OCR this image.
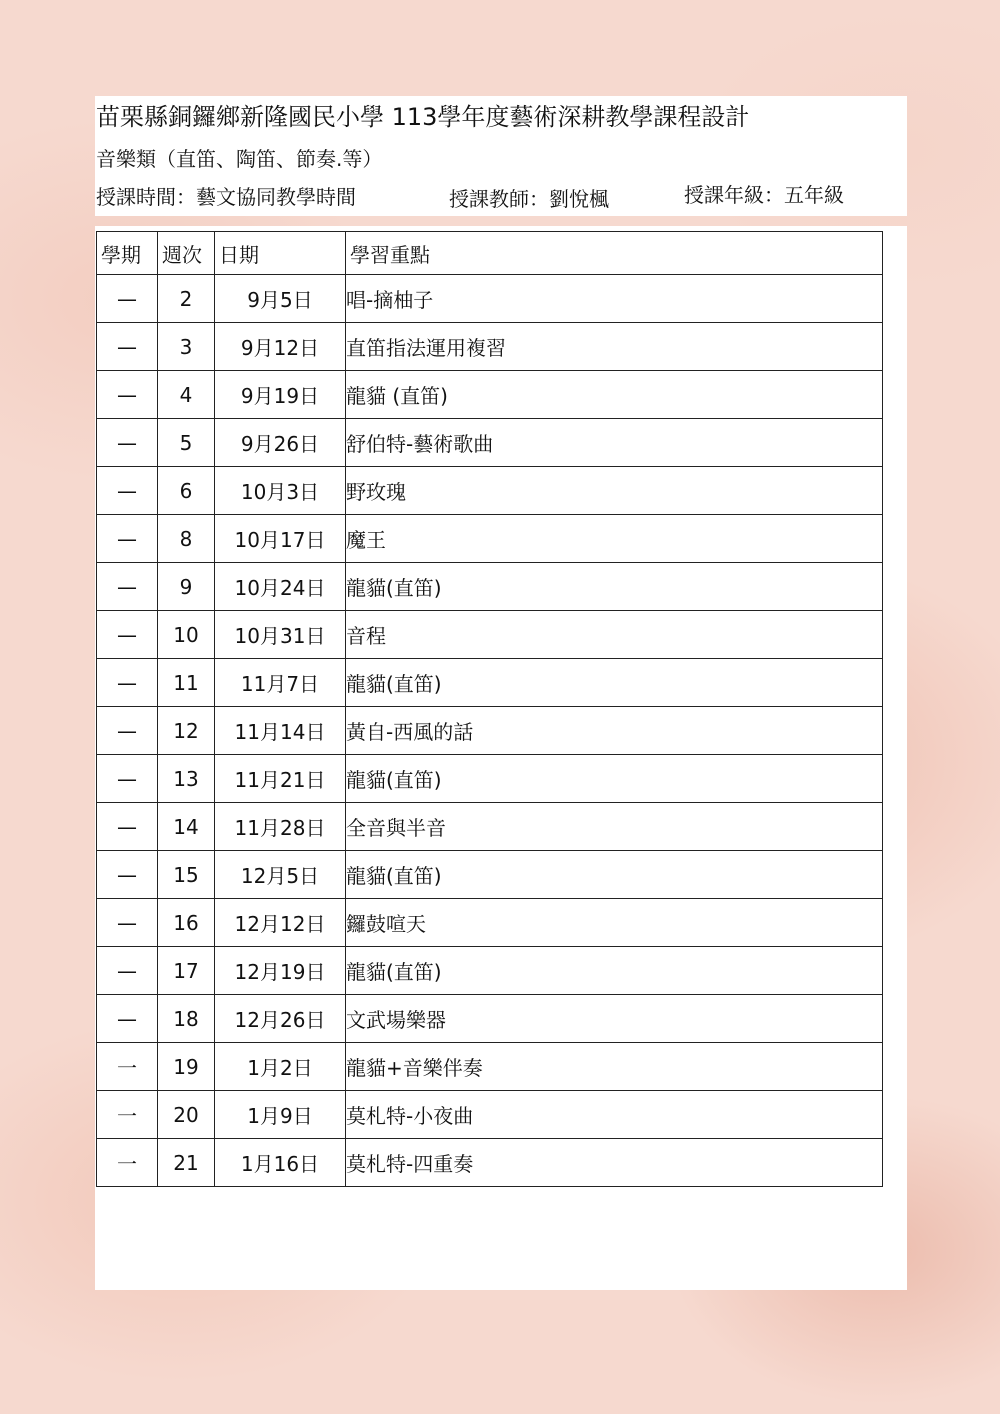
苗栗縣銅鑼鄉新隆國民小學 113學年度藝術深耕教學課程設計
音樂類（直笛、陶笛、節奏.等）
授課時間：藝文協同教學時間	授課教師：劉悅楓	授課年級：五年級
學期	週次	日期	學習重點
—	2	9月5日	唱-摘柚子
—	3	9月12日	直笛指法運用複習
—	4	9月19日	龍貓 (直笛)
—	5	9月26日	舒伯特-藝術歌曲
—	6	10月3日	野玫瑰
—	8	10月17日	魔王
—	9	10月24日	龍貓(直笛)
—	10	10月31日	音程
—	11	11月7日	龍貓(直笛)
—	12	11月14日	黃自-西風的話
—	13	11月21日	龍貓(直笛)
—	14	11月28日	全音與半音
—	15	12月5日	龍貓(直笛)
—	16	12月12日	鑼鼓喧天
—	17	12月19日	龍貓(直笛)
—	18	12月26日	文武場樂器
一	19	1月2日	龍貓+音樂伴奏
一	20	1月9日	莫札特-小夜曲
一	21	1月16日	莫札特-四重奏
